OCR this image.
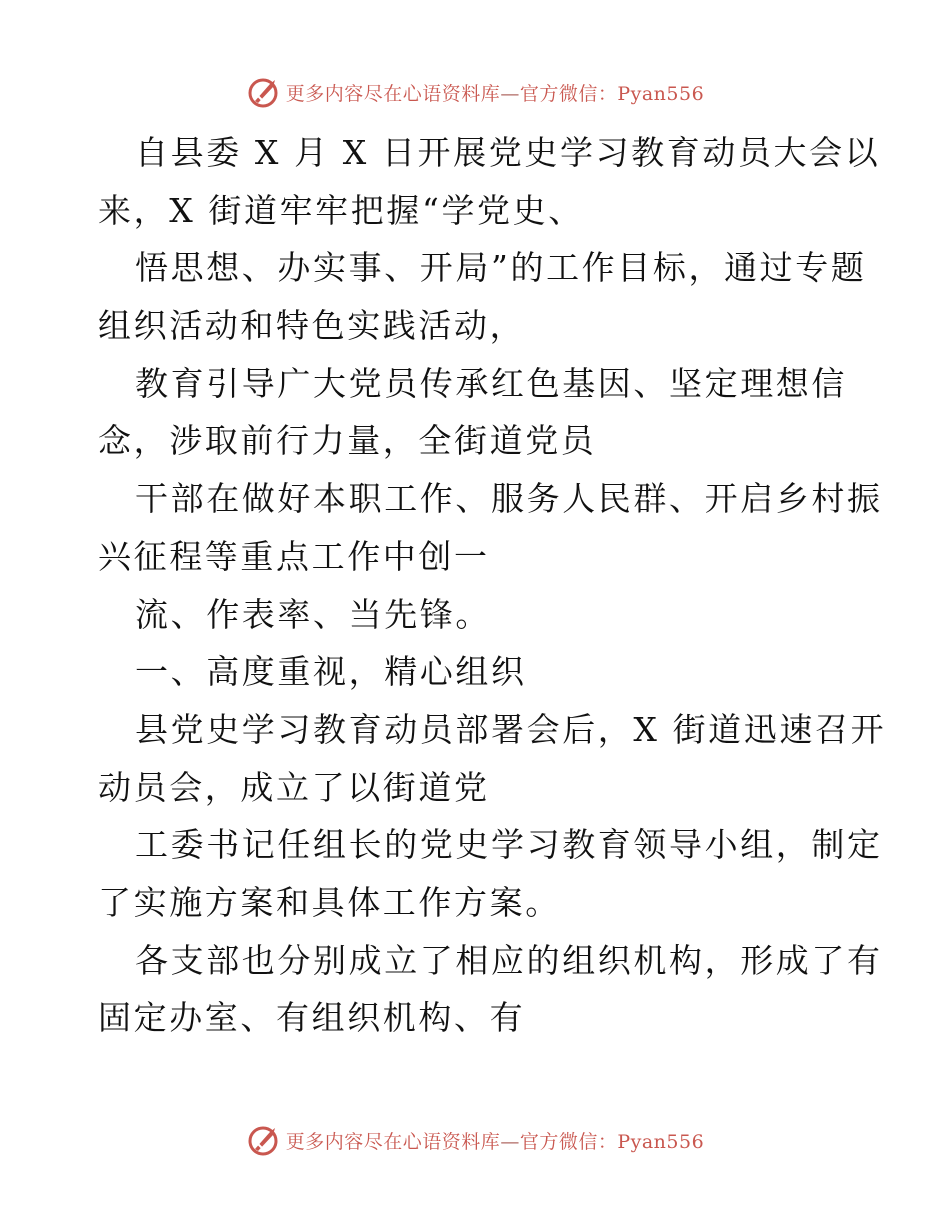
更多内容尽在心语资料库—官方微信：Pyan556
自县委 X 月 X 日开展党史学习教育动员大会以
来，X 街道牢牢把握“学党史、
悟思想、办实事、开局”的工作目标，通过专题
组织活动和特色实践活动，
教育引导广大党员传承红色基因、坚定理想信
念，涉取前行力量，全街道党员
干部在做好本职工作、服务人民群、开启乡村振
兴征程等重点工作中创一
流、作表率、当先锋。
一、高度重视，精心组织
县党史学习教育动员部署会后，X 街道迅速召开
动员会，成立了以街道党
工委书记任组长的党史学习教育领导小组，制定
了实施方案和具体工作方案。
各支部也分别成立了相应的组织机构，形成了有
固定办室、有组织机构、有
更多内容尽在心语资料库—官方微信：Pyan556
